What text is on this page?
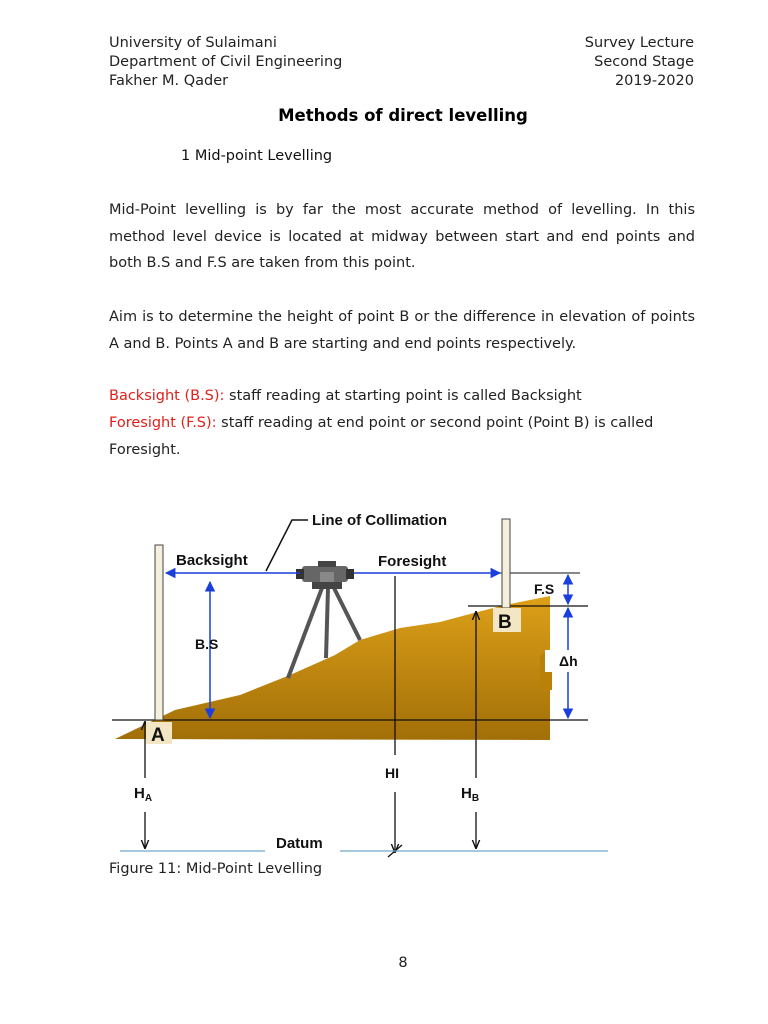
University of Sulaimani
Department of Civil Engineering
Fakher M. Qader
Survey Lecture
Second Stage
2019-2020
Methods of direct levelling
1 Mid-point Levelling

Mid-Point levelling is by far the most accurate method of levelling. In this method level device is located at midway between start and end points and both B.S and F.S are taken from this point.

Aim is to determine the height of point B or the difference in elevation of points A and B. Points A and B are starting and end points respectively.

Backsight (B.S): staff reading at starting point is called Backsight

Foresight (F.S): staff reading at end point or second point (Point B) is called Foresight.

Line of Collimation
Backsight	Foresight
B.S
F.S
Δh
A
B
HI
$H_A$	$H_B$
Datum
Figure 11: Mid-Point Levelling
8
